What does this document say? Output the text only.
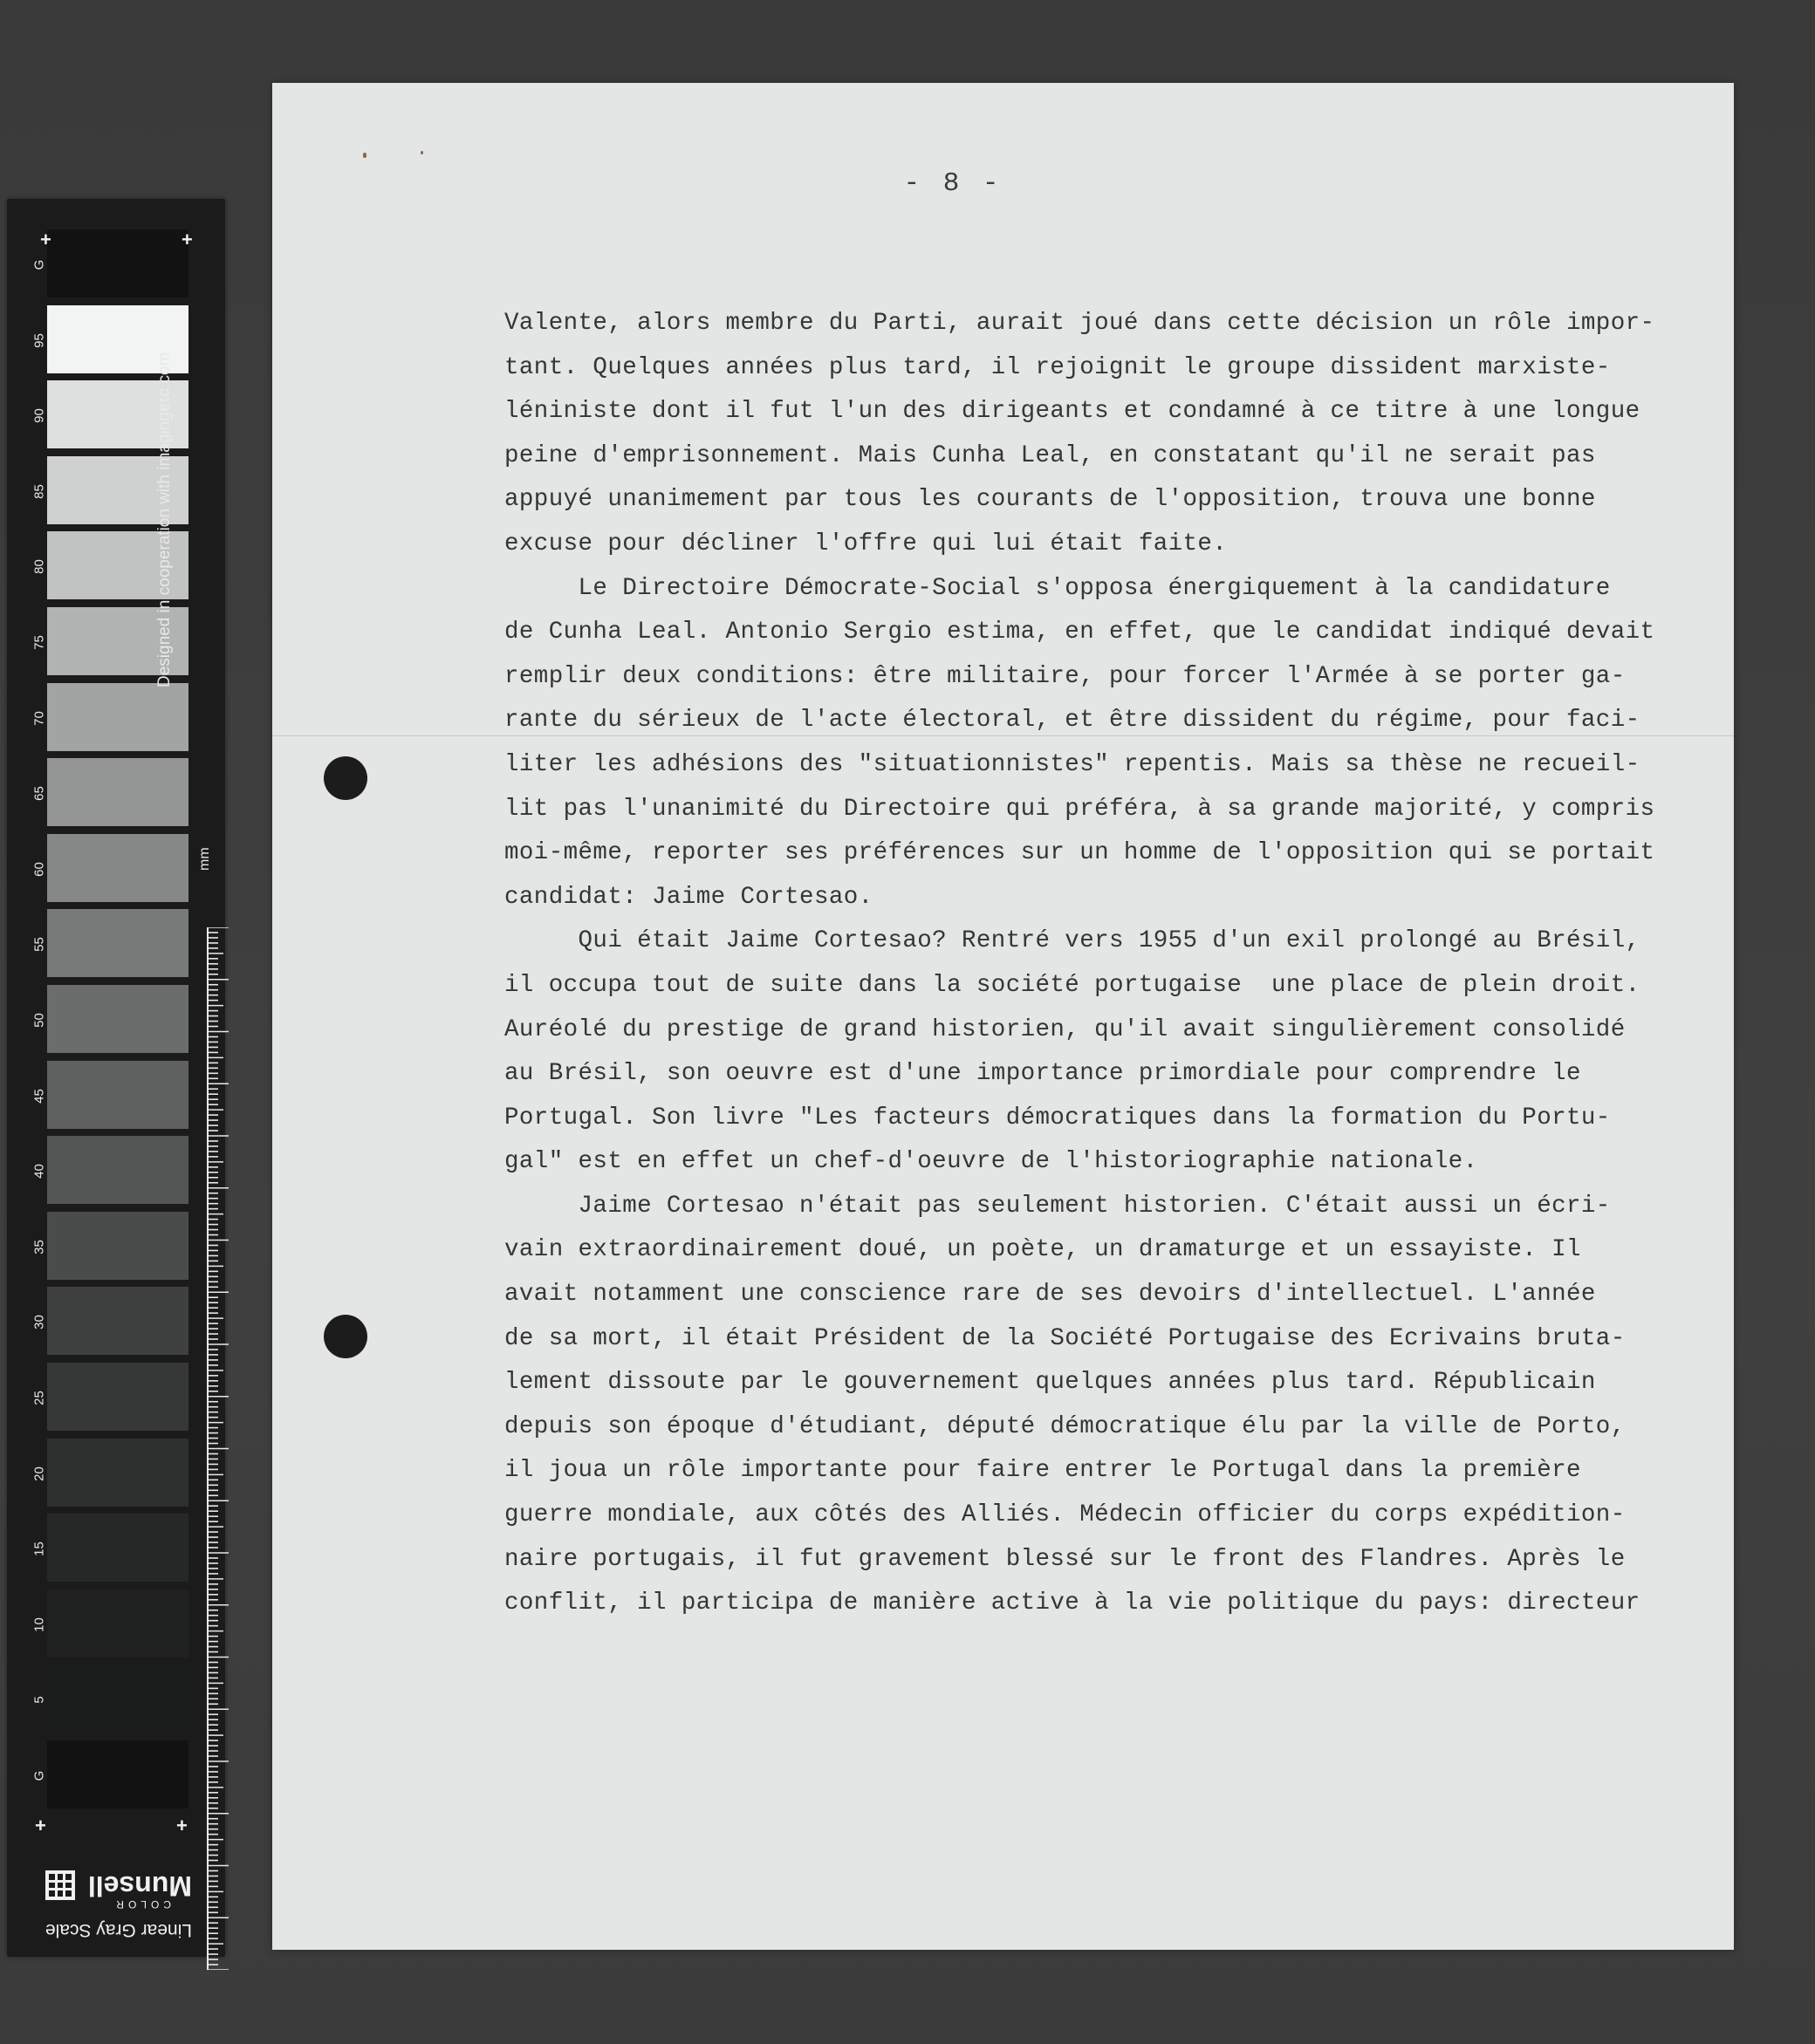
G
95
90
85
80
75
70
65
60
55
50
45
40
35
30
25
20
15
10
5
G
+	+
+	+
Designed in cooperation with imagingetc.com
mm
Linear Gray Scale
COLOR
Munsell
- 8 -
Valente, alors membre du Parti, aurait joué dans cette décision un rôle impor-
tant. Quelques années plus tard, il rejoignit le groupe dissident marxiste-
léniniste dont il fut l'un des dirigeants et condamné à ce titre à une longue
peine d'emprisonnement. Mais Cunha Leal, en constatant qu'il ne serait pas
appuyé unanimement par tous les courants de l'opposition, trouva une bonne
excuse pour décliner l'offre qui lui était faite.
Le Directoire Démocrate-Social s'opposa énergiquement à la candidature
de Cunha Leal. Antonio Sergio estima, en effet, que le candidat indiqué devait
remplir deux conditions: être militaire, pour forcer l'Armée à se porter ga-
rante du sérieux de l'acte électoral, et être dissident du régime, pour faci-
liter les adhésions des "situationnistes" repentis. Mais sa thèse ne recueil-
lit pas l'unanimité du Directoire qui préféra, à sa grande majorité, y compris
moi-même, reporter ses préférences sur un homme de l'opposition qui se portait
candidat: Jaime Cortesao.
Qui était Jaime Cortesao? Rentré vers 1955 d'un exil prolongé au Brésil,
il occupa tout de suite dans la société portugaise  une place de plein droit.
Auréolé du prestige de grand historien, qu'il avait singulièrement consolidé
au Brésil, son oeuvre est d'une importance primordiale pour comprendre le
Portugal. Son livre "Les facteurs démocratiques dans la formation du Portu-
gal" est en effet un chef-d'oeuvre de l'historiographie nationale.
Jaime Cortesao n'était pas seulement historien. C'était aussi un écri-
vain extraordinairement doué, un poète, un dramaturge et un essayiste. Il
avait notamment une conscience rare de ses devoirs d'intellectuel. L'année
de sa mort, il était Président de la Société Portugaise des Ecrivains bruta-
lement dissoute par le gouvernement quelques années plus tard. Républicain
depuis son époque d'étudiant, député démocratique élu par la ville de Porto,
il joua un rôle importante pour faire entrer le Portugal dans la première
guerre mondiale, aux côtés des Alliés. Médecin officier du corps expédition-
naire portugais, il fut gravement blessé sur le front des Flandres. Après le
conflit, il participa de manière active à la vie politique du pays: directeur
